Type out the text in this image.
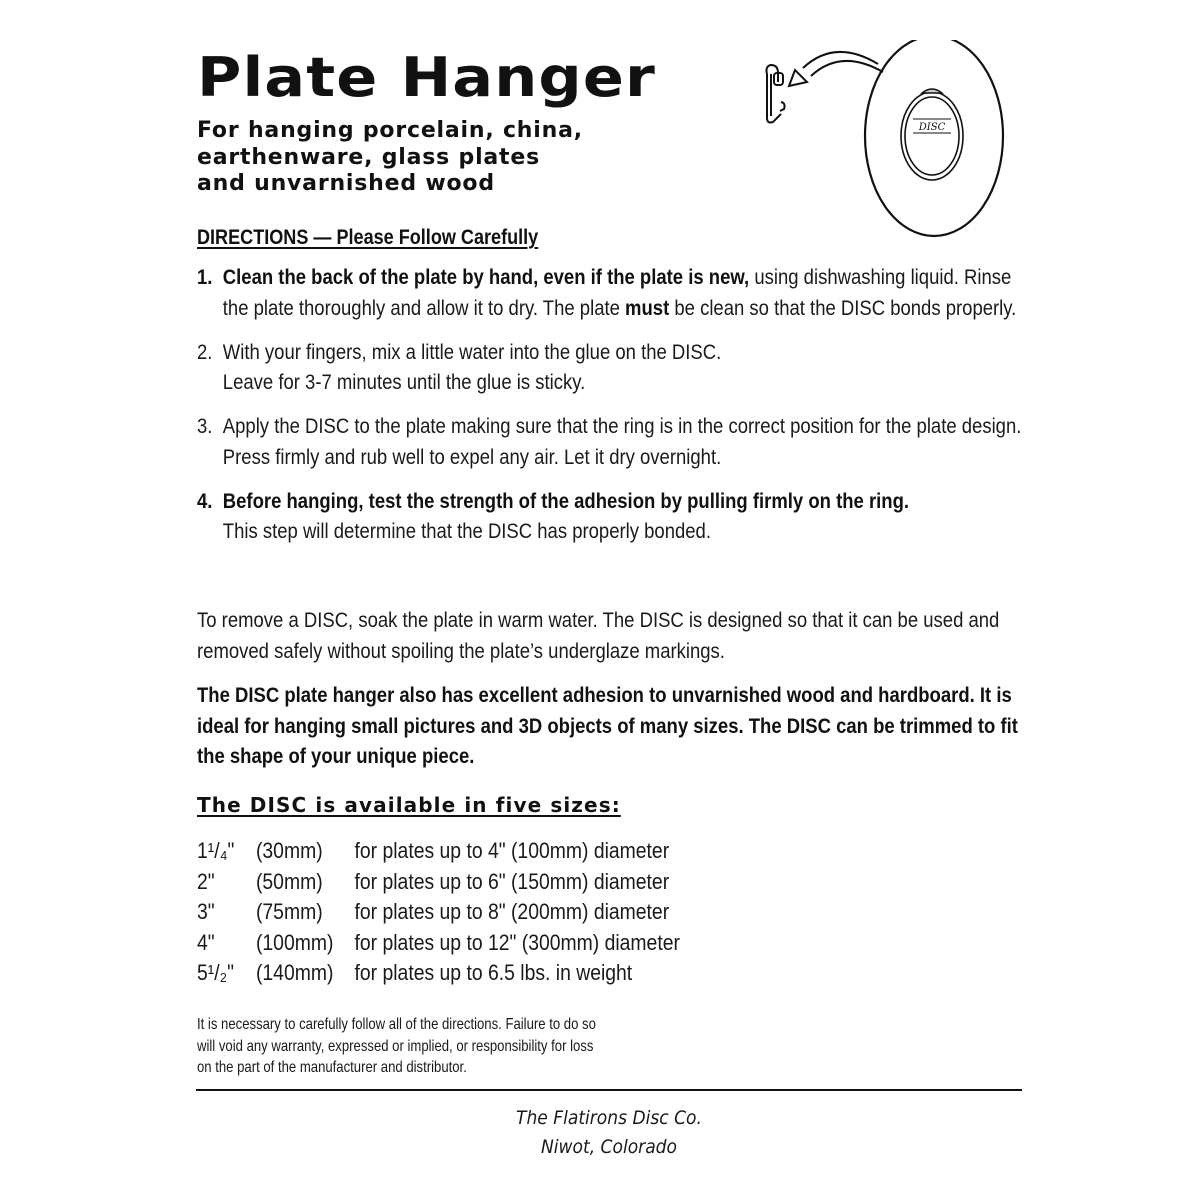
Plate Hanger
For hanging porcelain, china,
earthenware, glass plates
and unvarnished wood
DISC
DIRECTIONS — Please Follow Carefully
1. Clean the back of the plate by hand, even if the plate is new, using dishwashing liquid. Rinse the plate thoroughly and allow it to dry. The plate must be clean so that the DISC bonds properly.
2. With your fingers, mix a little water into the glue on the DISC.
Leave for 3-7 minutes until the glue is sticky.
3. Apply the DISC to the plate making sure that the ring is in the correct position for the plate design. Press firmly and rub well to expel any air. Let it dry overnight.
4. Before hanging, test the strength of the adhesion by pulling firmly on the ring.
This step will determine that the DISC has properly bonded.
To remove a DISC, soak the plate in warm water. The DISC is designed so that it can be used and removed safely without spoiling the plate’s underglaze markings.
The DISC plate hanger also has excellent adhesion to unvarnished wood and hardboard. It is ideal for hanging small pictures and 3D objects of many sizes. The DISC can be trimmed to fit the shape of your unique piece.
The DISC is available in five sizes:
1¹/₄" (30mm)	for plates up to 4" (100mm) diameter
2"	(50mm)	for plates up to 6" (150mm) diameter
3"	(75mm)	for plates up to 8" (200mm) diameter
4"	(100mm) for plates up to 12" (300mm) diameter
5¹/₂" (140mm) for plates up to 6.5 lbs. in weight
It is necessary to carefully follow all of the directions. Failure to do so
will void any warranty, expressed or implied, or responsibility for loss
on the part of the manufacturer and distributor.
The Flatirons Disc Co.
Niwot, Colorado
